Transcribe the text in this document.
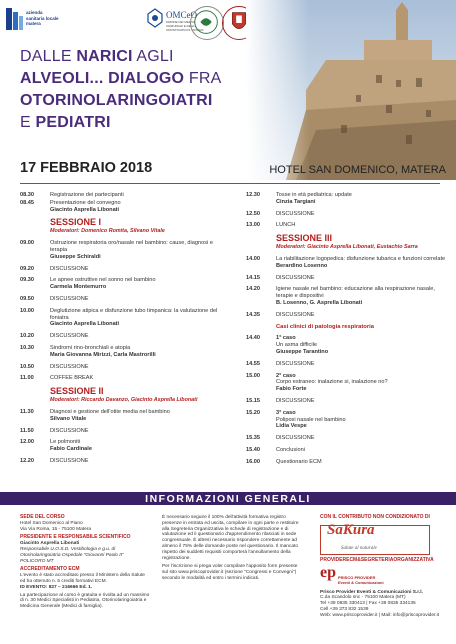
azienda sanitaria locale matera
OMCeO
ORDINE DEI MEDICI CHIRURGHI E DEGLI ODONTOIATRI DI MATERA
DALLE NARICI AGLI
ALVEOLI... DIALOGO FRA
OTORINOLARINGOIATRI
E PEDIATRI
17 FEBBRAIO 2018	HOTEL SAN DOMENICO, MATERA
08.30	Registrazione dei partecipanti
08.45	Presentazione del convegno
Giacinto Asprella Libonati
SESSIONE I
Moderatori: Domenico Romita, Silvano Vitale
09.00	Ostruzione respiratoria oro/nasale nel bambino: cause, diagnosi e terapia
Giuseppe Schiraldi
09.20	DISCUSSIONE
09.30	Le apnee ostruttive nel sonno nel bambino
Carmela Montemurro
09.50	DISCUSSIONE
10.00	Deglutizione atipica e disfunzione tubo timpanica: la valutazione del foniatra
Giacinto Asprella Libonati
10.20	DISCUSSIONE
10.30	Sindromi rino-bronchiali e atopia
Maria Giovanna Mirizzi, Carla Mastrorilli
10.50	DISCUSSIONE
11.00	COFFEE BREAK
SESSIONE II
Moderatori: Riccardo Davanzo, Giacinto Asprella Libonati
11.30	Diagnosi e gestione dell'otite media nel bambino
Silvano Vitale
11.50	DISCUSSIONE
12.00	Le polmoniti
Fabio Cardinale
12.20	DISCUSSIONE
12.30	Tosse in età pediatrica: update
Cinzia Targiani
12.50	DISCUSSIONE
13.00	LUNCH
SESSIONE III
Moderatori: Giacinto Asprella Libonati, Eustachio Sarra
14.00	La riabilitazione logopedica: disfunzione tubarica e funzioni correlate
Berardino Losenno
14.15	DISCUSSIONE
14.20	Igiene nasale nel bambino: educazione alla respirazione nasale, terapie e dispositivi
B. Losenno, G. Asprella Libonati
14.35	DISCUSSIONE
Casi clinici di patologia respiratoria
14.40	1° caso
Un asma difficile
Giuseppe Tarantino
14.55	DISCUSSIONE
15.00	2° caso
Corpo estraneo: inalazione si, inalazione no?
Fabio Forte
15.15	DISCUSSIONE
15.20	3° caso
Poliposi nasale nel bambino
Lidia Vespe
15.35	DISCUSSIONE
15.40	Conclusioni
16.00	Questionario ECM
INFORMAZIONI GENERALI
SEDE DEL CORSO
Hotel San Domenico al Piano
Via Via Roma, 15 - 75100 Matera
PRESIDENTE E RESPONSABILE SCIENTIFICO
Giacinto Asprella Libonati
Responsabile U.O.S.D. Vestibologia e g.u. di Otorinolaringoiatria Ospedale "Giovanni Paolo II" POLICORO MT
ACCREDITAMENTO ECM
L'evento è stato accreditato presso il Ministero della Salute ed ha ottenuto n. 5 crediti formativi ECM.
ID EVENTO: 827 – 216666 Ed. 1.
La partecipazione al corso è gratuita e rivolta ad un massimo di n. 30 Medici Specialisti in Pediatria, Otorinolaringoiatria e Medicina Generale (Medici di famiglia).
È necessario seguire il 100% dell'attività formativa registro presenze in entrata ed uscita, compilare in ogni parte e restituire alla Segreteria Organizzativa le schede di registrazione e di valutazione ed il questionario d'apprendimento rilasciati in sede congressuale. È altresì necessario rispondere correttamente ad almeno il 75% delle domande poste nel questionario. Il mancato rispetto dei suddetti requisiti comporterà l'annullamento della registrazione.
Per l'iscrizione si prega voler compilare l'apposito form presente sul sito www.priscoprovider.it (sezione "Congressi e Convegni") secondo le modalità ed entro i termini indicati.
CON IL CONTRIBUTO NON CONDIZIONATO DI
SaKura
Salute al naturale
PROVIDERECM&SEGRETERIAORGANIZZATIVA
ep PRISCO PROVIDER
Eventi & Comunicazioni
Prisco Provider Eventi & Comunicazioni S.r.l.
C.da Scandolo snc - 75100 Matera (MT)
Tel +39 0835 330413 | Fax +39 0835 334135
Cell +39 373 832 1539
Web: www.priscoprovider.it | Mail: info@priscoprovider.it
